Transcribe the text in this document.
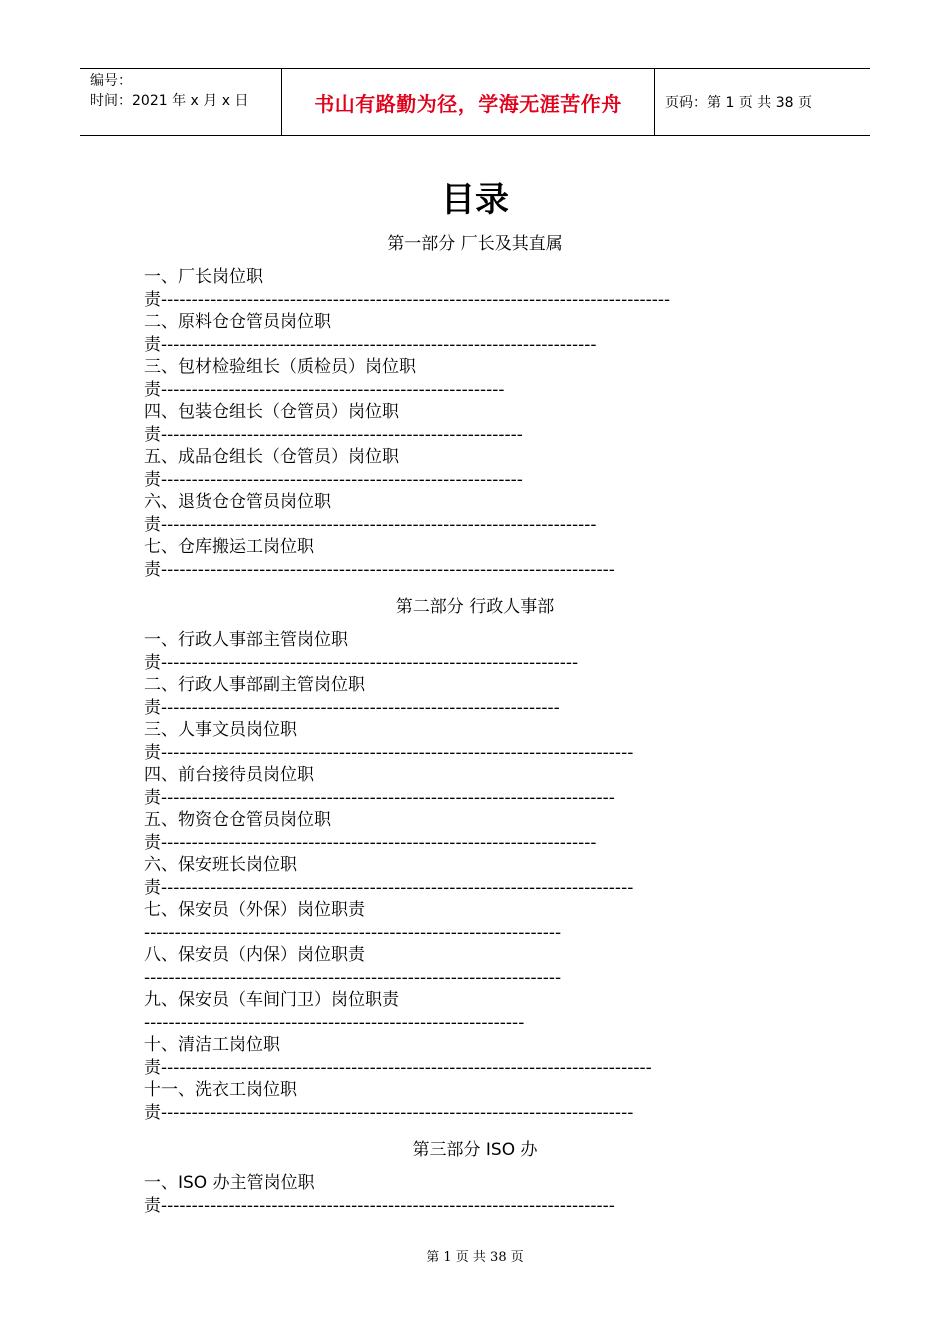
编号：
时间：2021 年 x 月 x 日	书山有路勤为径，学海无涯苦作舟	页码：第 1 页 共 38 页
目录
第一部分 厂长及其直属
一、厂长岗位职
责-----------------------------------------------------------------------------------
二、原料仓仓管员岗位职
责-----------------------------------------------------------------------
三、包材检验组长（质检员）岗位职
责--------------------------------------------------------
四、包装仓组长（仓管员）岗位职
责-----------------------------------------------------------
五、成品仓组长（仓管员）岗位职
责-----------------------------------------------------------
六、退货仓仓管员岗位职
责-----------------------------------------------------------------------
七、仓库搬运工岗位职
责--------------------------------------------------------------------------
第二部分 行政人事部
一、行政人事部主管岗位职
责--------------------------------------------------------------------
二、行政人事部副主管岗位职
责-----------------------------------------------------------------
三、人事文员岗位职
责-----------------------------------------------------------------------------
四、前台接待员岗位职
责--------------------------------------------------------------------------
五、物资仓仓管员岗位职
责-----------------------------------------------------------------------
六、保安班长岗位职
责-----------------------------------------------------------------------------
七、保安员（外保）岗位职责
--------------------------------------------------------------------
八、保安员（内保）岗位职责
--------------------------------------------------------------------
九、保安员（车间门卫）岗位职责
--------------------------------------------------------------
十、清洁工岗位职
责--------------------------------------------------------------------------------
十一、洗衣工岗位职
责-----------------------------------------------------------------------------
第三部分 ISO 办
一、ISO 办主管岗位职
责--------------------------------------------------------------------------
第 1 页 共 38 页
